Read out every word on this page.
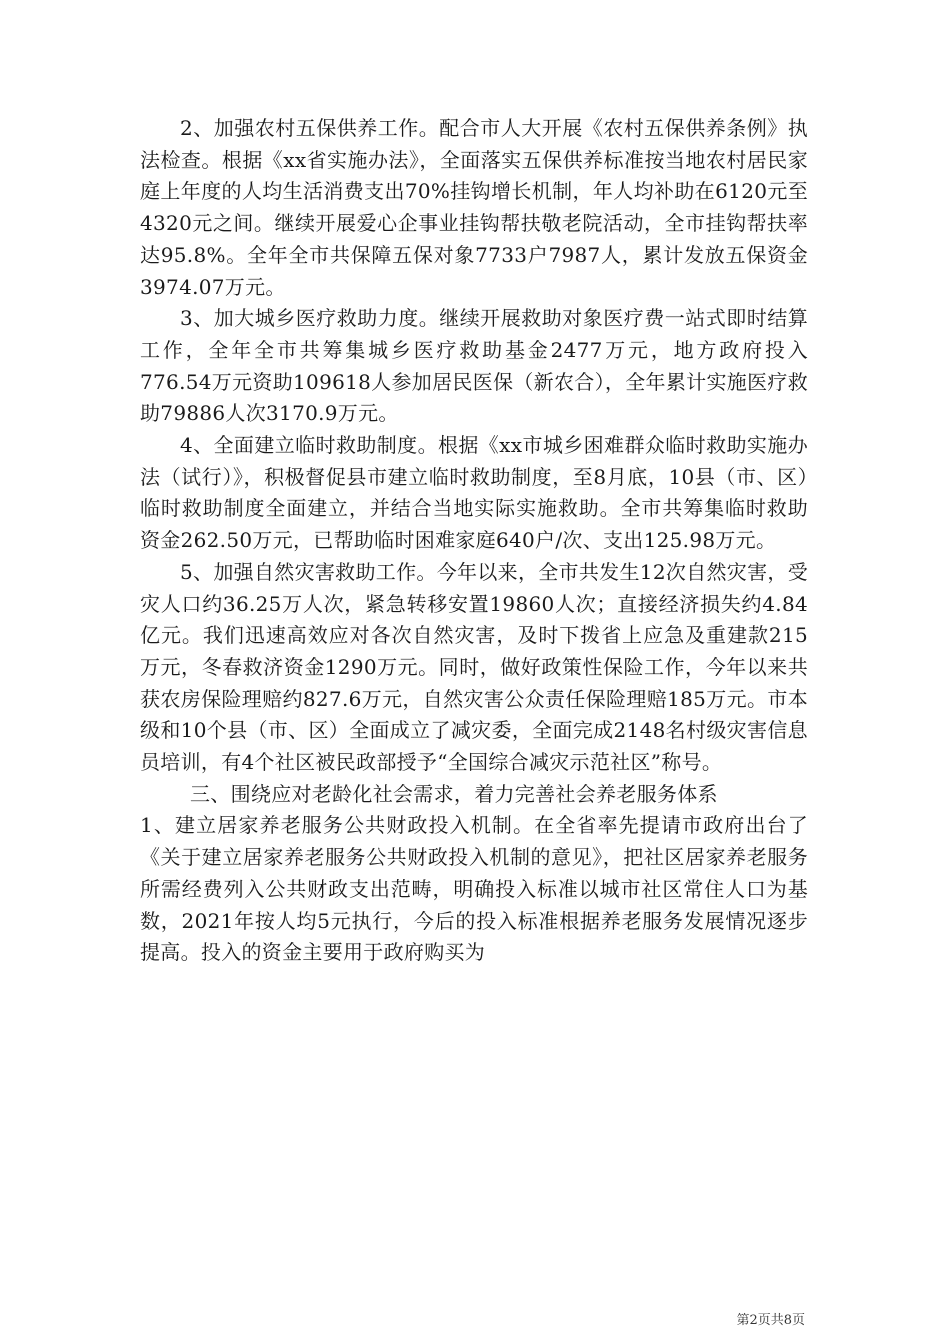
2、加强农村五保供养工作。配合市人大开展《农村五保供养条例》执法检查。根据《xx省实施办法》，全面落实五保供养标准按当地农村居民家庭上年度的人均生活消费支出70%挂钩增长机制，年人均补助在6120元至4320元之间。继续开展爱心企事业挂钩帮扶敬老院活动，全市挂钩帮扶率达95.8%。全年全市共保障五保对象7733户7987人，累计发放五保资金3974.07万元。

3、加大城乡医疗救助力度。继续开展救助对象医疗费一站式即时结算工作，全年全市共筹集城乡医疗救助基金2477万元，地方政府投入776.54万元资助109618人参加居民医保（新农合），全年累计实施医疗救助79886人次3170.9万元。

4、全面建立临时救助制度。根据《xx市城乡困难群众临时救助实施办法（试行）》，积极督促县市建立临时救助制度，至8月底，10县（市、区）临时救助制度全面建立，并结合当地实际实施救助。全市共筹集临时救助资金262.50万元，已帮助临时困难家庭640户/次、支出125.98万元。

5、加强自然灾害救助工作。今年以来，全市共发生12次自然灾害，受灾人口约36.25万人次，紧急转移安置19860人次；直接经济损失约4.84亿元。我们迅速高效应对各次自然灾害，及时下拨省上应急及重建款215万元，冬春救济资金1290万元。同时，做好政策性保险工作，今年以来共获农房保险理赔约827.6万元，自然灾害公众责任保险理赔185万元。市本级和10个县（市、区）全面成立了减灾委，全面完成2148名村级灾害信息员培训，有4个社区被民政部授予“全国综合减灾示范社区”称号。

三、围绕应对老龄化社会需求，着力完善社会养老服务体系

1、建立居家养老服务公共财政投入机制。在全省率先提请市政府出台了《关于建立居家养老服务公共财政投入机制的意见》，把社区居家养老服务所需经费列入公共财政支出范畴，明确投入标准以城市社区常住人口为基数，2021年按人均5元执行，今后的投入标准根据养老服务发展情况逐步提高。投入的资金主要用于政府购买为

第2页共8页
